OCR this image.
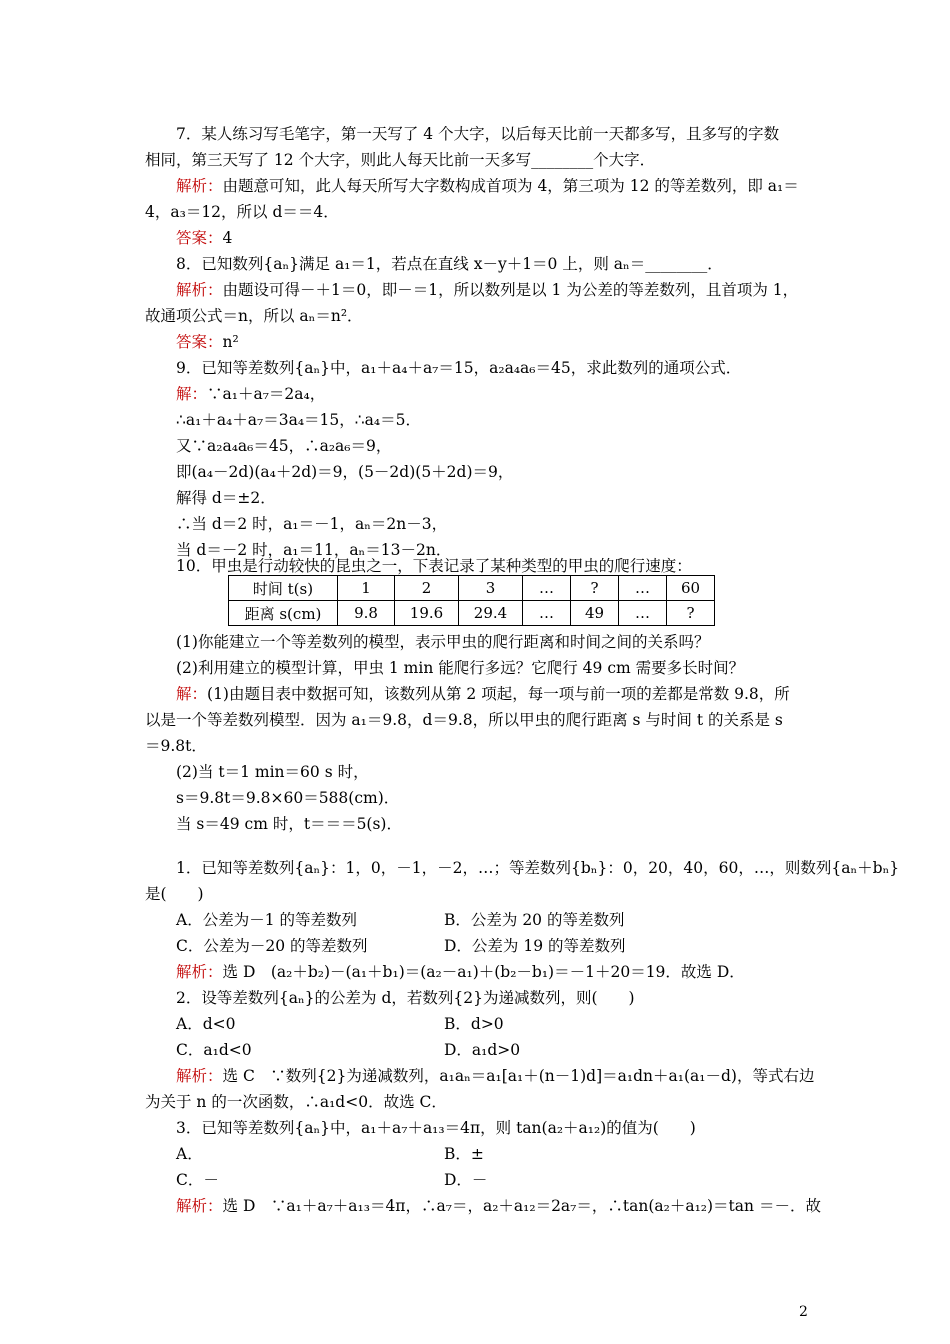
7．某人练习写毛笔字，第一天写了 4 个大字，以后每天比前一天都多写，且多写的字数
相同，第三天写了 12 个大字，则此人每天比前一天多写________个大字．
解析：由题意可知，此人每天所写大字数构成首项为 4，第三项为 12 的等差数列，即 a₁＝
4，a₃＝12，所以 d＝＝4．
答案：4
8．已知数列{aₙ}满足 a₁＝1，若点在直线 x－y＋1＝0 上，则 aₙ＝________．
解析：由题设可得－＋1＝0，即－＝1，所以数列是以 1 为公差的等差数列，且首项为 1，
故通项公式＝n，所以 aₙ＝n²．
答案：n²
9．已知等差数列{aₙ}中，a₁＋a₄＋a₇＝15，a₂a₄a₆＝45，求此数列的通项公式．
解：∵a₁＋a₇＝2a₄，
∴a₁＋a₄＋a₇＝3a₄＝15，∴a₄＝5．
又∵a₂a₄a₆＝45，∴a₂a₆＝9，
即(a₄－2d)(a₄＋2d)＝9，(5－2d)(5＋2d)＝9，
解得 d＝±2．
∴当 d＝2 时，a₁＝－1，aₙ＝2n－3，
当 d＝－2 时，a₁＝11，aₙ＝13－2n．
10．甲虫是行动较快的昆虫之一，下表记录了某种类型的甲虫的爬行速度：
(1)你能建立一个等差数列的模型，表示甲虫的爬行距离和时间之间的关系吗？
(2)利用建立的模型计算，甲虫 1 min 能爬行多远？它爬行 49 cm 需要多长时间？
解：(1)由题目表中数据可知，该数列从第 2 项起，每一项与前一项的差都是常数 9.8，所
以是一个等差数列模型．因为 a₁＝9.8，d＝9.8，所以甲虫的爬行距离 s 与时间 t 的关系是 s
＝9.8t．
(2)当 t＝1 min＝60 s 时，
s＝9.8t＝9.8×60＝588(cm)．
当 s＝49 cm 时，t＝＝＝5(s)．
1．已知等差数列{aₙ}：1，0，－1，－2，…；等差数列{bₙ}：0，20，40，60，…，则数列{aₙ＋bₙ}
是(　　)
A．公差为－1 的等差数列	B．公差为 20 的等差数列
C．公差为－20 的等差数列	D．公差为 19 的等差数列
解析：选 D　(a₂＋b₂)－(a₁＋b₁)＝(a₂－a₁)＋(b₂－b₁)＝－1＋20＝19．故选 D．
2．设等差数列{aₙ}的公差为 d，若数列{2}为递减数列，则(　　)
A．d<0	B．d>0
C．a₁d<0	D．a₁d>0
解析：选 C　∵数列{2}为递减数列，a₁aₙ＝a₁[a₁＋(n－1)d]＝a₁dn＋a₁(a₁－d)，等式右边
为关于 n 的一次函数，∴a₁d<0．故选 C．
3．已知等差数列{aₙ}中，a₁＋a₇＋a₁₃＝4π，则 tan(a₂＋a₁₂)的值为(　　)
A．	B．±
C．－	D．－
解析：选 D　∵a₁＋a₇＋a₁₃＝4π，∴a₇＝，a₂＋a₁₂＝2a₇＝，∴tan(a₂＋a₁₂)＝tan ＝－．故
时间 t(s)	1	2	3	…	?	…	60
距离 s(cm)	9.8	19.6	29.4	…	49	…	?
2
